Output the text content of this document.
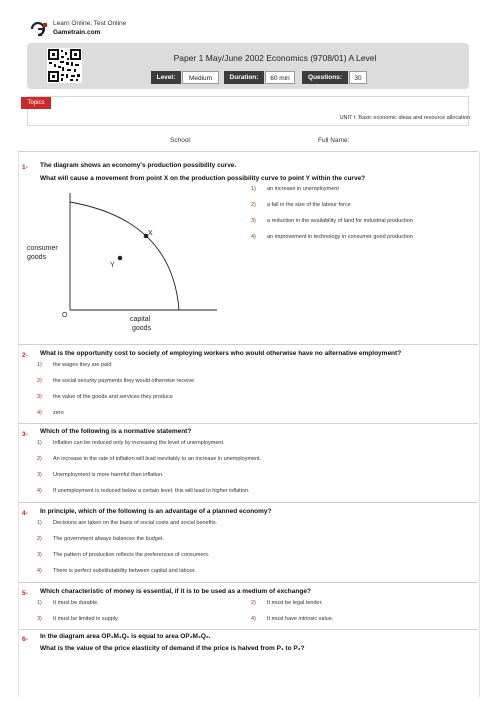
Learn Online, Test Online
Gametrain.com
Paper 1 May/June 2002 Economics (9708/01) A Level
Level:	Medium	Duration:	60 min	Questions:	30
Topics
UNIT I: Basic economic ideas and resource allocation
School:	Full Name:
1- The diagram shows an economy's production possibility curve.
What will cause a movement from point X on the production possibility curve to point Y within the curve?
X
Y
consumer
goods
O
capital
goods
1) an increase in unemployment
2) a fall in the size of the labour force
3) a reduction in the availability of land for industrial production
4) an improvement in technology in consumer good production
2- What is the opportunity cost to society of employing workers who would otherwise have no alternative employment?
1) the wages they are paid
2) the social security payments they would otherwise receive
3) the value of the goods and services they produce
4) zero
3- Which of the following is a normative statement?
1) Inflation can be reduced only by increasing the level of unemployment.
2) An increase in the rate of inflation will lead inevitably to an increase in unemployment.
3) Unemployment is more harmful than inflation.
4) If unemployment is reduced below a certain level, this will lead to higher inflation.
4- In principle, which of the following is an advantage of a planned economy?
1) Decisions are taken on the basis of social costs and social benefits.
2) The government always balances the budget.
3) The pattern of production reflects the preferences of consumers.
4) There is perfect substitutability between capital and labour.
5- Which characteristic of money is essential, if it is to be used as a medium of exchange?
1) It must be durable.	2) It must be legal tender.
3) It must be limited in supply.	4) It must have intrinsic value.
6- In the diagram area OP₁M₁Q₁ is equal to area OP₂M₂Q₂.
What is the value of the price elasticity of demand if the price is halved from P₁ to P₂?
